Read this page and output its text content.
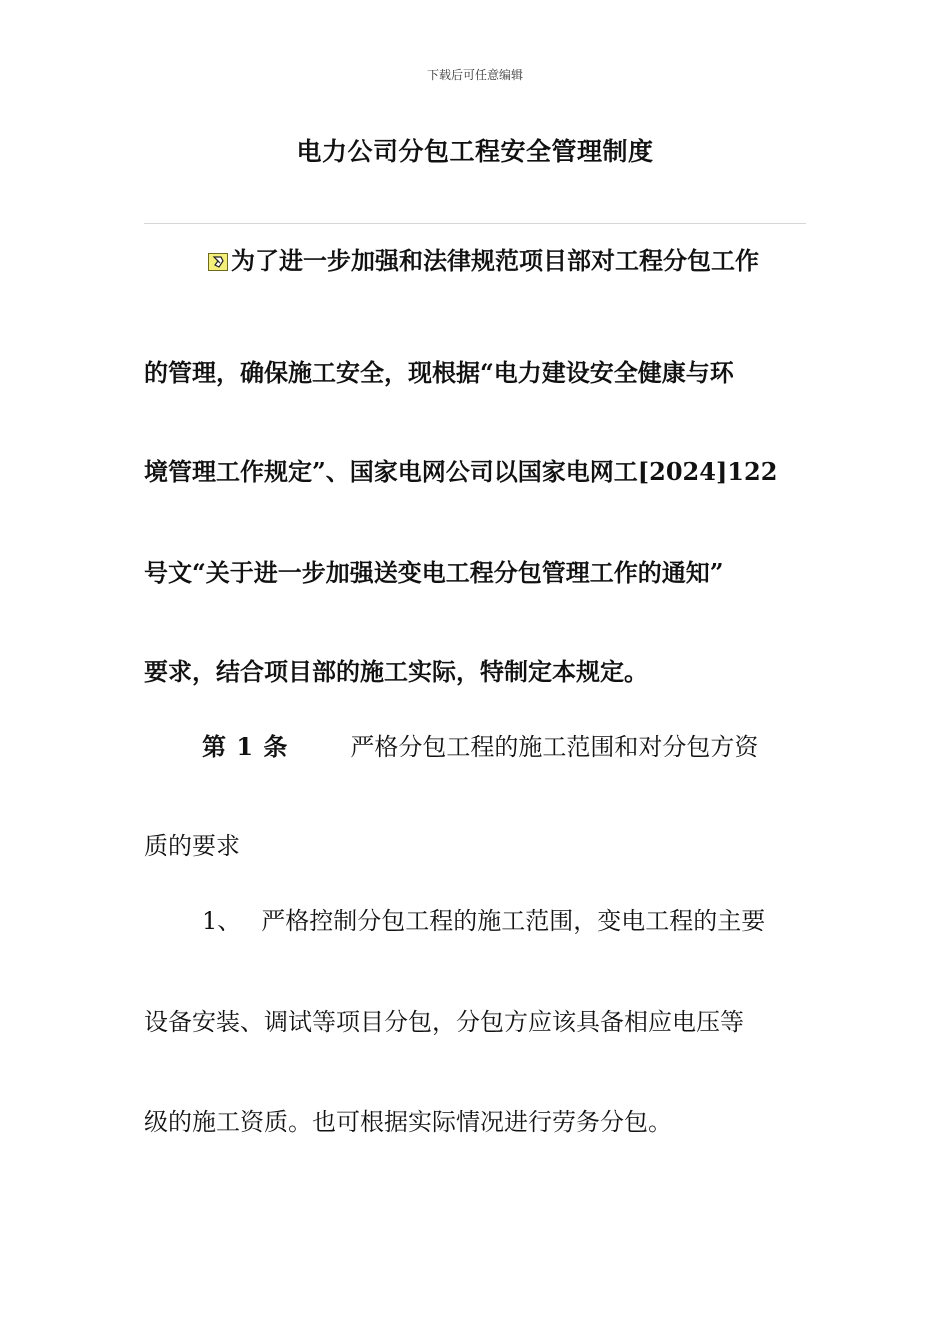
下载后可任意编辑
电力公司分包工程安全管理制度
为了进一步加强和法律规范项目部对工程分包工作
的管理，确保施工安全，现根据“电力建设安全健康与环
境管理工作规定”、国家电网公司以国家电网工[2024]122
号文“关于进一步加强送变电工程分包管理工作的通知”
要求，结合项目部的施工实际，特制定本规定。
第 1 条	严格分包工程的施工范围和对分包方资
质的要求
1、 严格控制分包工程的施工范围，变电工程的主要
设备安装、调试等项目分包，分包方应该具备相应电压等
级的施工资质。也可根据实际情况进行劳务分包。
